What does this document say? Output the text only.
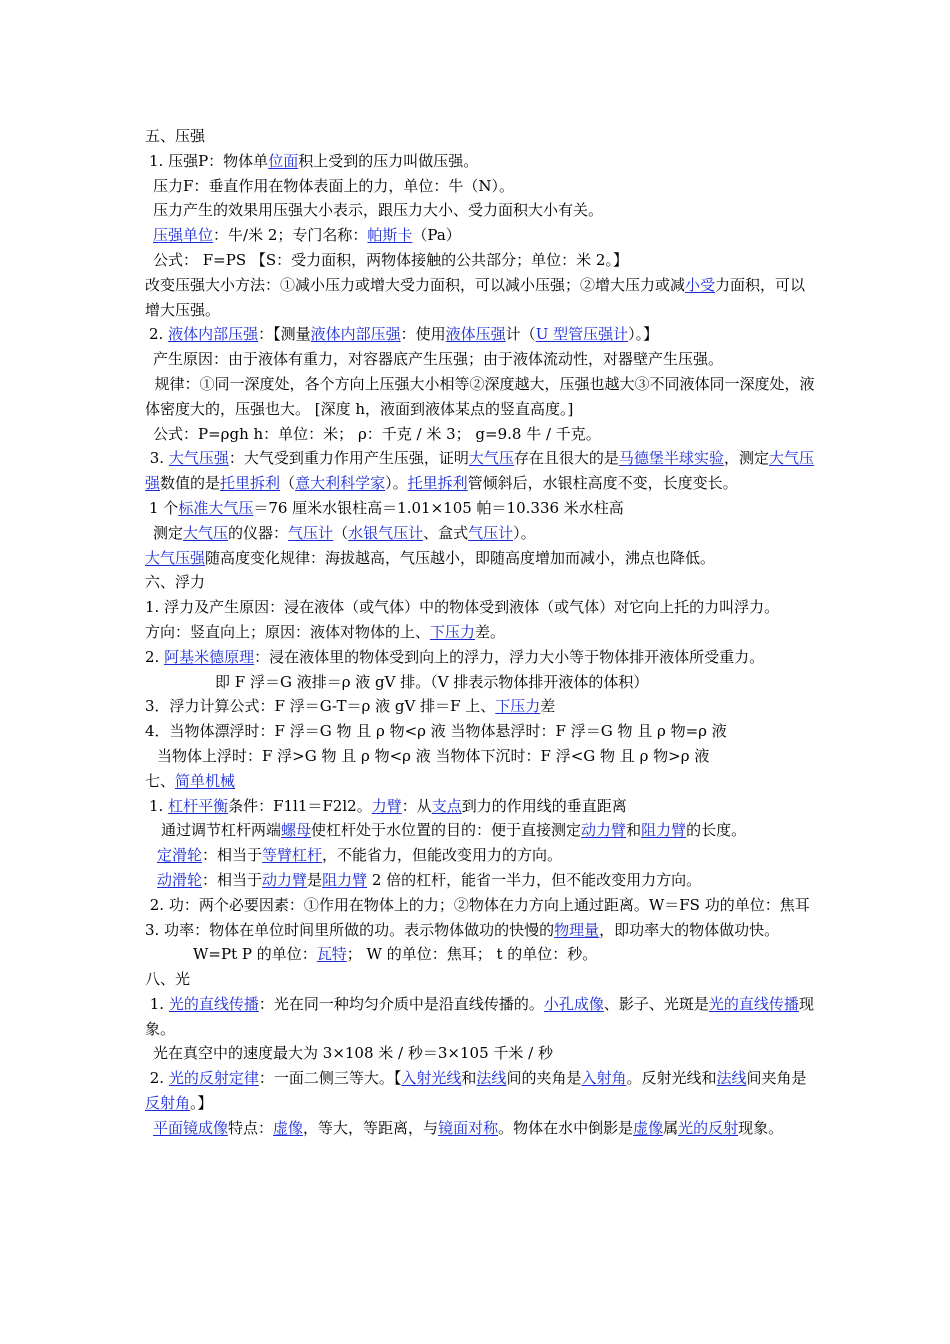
五、压强
1. 压强P：物体单位面积上受到的压力叫做压强。
压力F：垂直作用在物体表面上的力，单位：牛（N）。
压力产生的效果用压强大小表示，跟压力大小、受力面积大小有关。
压强单位：牛/米 2；专门名称：帕斯卡（Pa）
公式： F=PS 【S：受力面积，两物体接触的公共部分；单位：米 2。】
改变压强大小方法：①减小压力或增大受力面积，可以减小压强；②增大压力或减小受力面积，可以增大压强。
2. 液体内部压强：【测量液体内部压强：使用液体压强计（U 型管压强计）。】
产生原因：由于液体有重力，对容器底产生压强；由于液体流动性，对器壁产生压强。
规律：①同一深度处，各个方向上压强大小相等②深度越大，压强也越大③不同液体同一深度处，液体密度大的，压强也大。 [深度 h，液面到液体某点的竖直高度。]
公式：P=ρgh h：单位：米； ρ：千克 / 米 3； g=9.8 牛 / 千克。
3. 大气压强：大气受到重力作用产生压强，证明大气压存在且很大的是马德堡半球实验，测定大气压强数值的是托里拆利（意大利科学家）。托里拆利管倾斜后，水银柱高度不变，长度变长。
1 个标准大气压＝76 厘米水银柱高＝1.01×105 帕＝10.336 米水柱高
测定大气压的仪器：气压计（水银气压计、盒式气压计）。
大气压强随高度变化规律：海拔越高，气压越小，即随高度增加而减小，沸点也降低。
六、浮力
1. 浮力及产生原因：浸在液体（或气体）中的物体受到液体（或气体）对它向上托的力叫浮力。
方向：竖直向上；原因：液体对物体的上、下压力差。
2. 阿基米德原理：浸在液体里的物体受到向上的浮力，浮力大小等于物体排开液体所受重力。
即 F 浮＝G 液排＝ρ 液 gV 排。（V 排表示物体排开液体的体积）
3．浮力计算公式：F 浮＝G-T＝ρ 液 gV 排＝F 上、下压力差
4．当物体漂浮时：F 浮＝G 物 且 ρ 物<ρ 液 当物体悬浮时：F 浮＝G 物 且 ρ 物=ρ 液
当物体上浮时：F 浮>G 物 且 ρ 物<ρ 液 当物体下沉时：F 浮<G 物 且 ρ 物>ρ 液
七、简单机械
1. 杠杆平衡条件：F1l1＝F2l2。力臂：从支点到力的作用线的垂直距离
通过调节杠杆两端螺母使杠杆处于水位置的目的：便于直接测定动力臂和阻力臂的长度。
定滑轮：相当于等臂杠杆，不能省力，但能改变用力的方向。
动滑轮：相当于动力臂是阻力臂 2 倍的杠杆，能省一半力，但不能改变用力方向。
2. 功：两个必要因素：①作用在物体上的力；②物体在力方向上通过距离。W＝FS 功的单位：焦耳
3. 功率：物体在单位时间里所做的功。表示物体做功的快慢的物理量，即功率大的物体做功快。
W=Pt P 的单位：瓦特； W 的单位：焦耳； t 的单位：秒。
八、光
1. 光的直线传播：光在同一种均匀介质中是沿直线传播的。小孔成像、影子、光斑是光的直线传播现象。
光在真空中的速度最大为 3×108 米 / 秒＝3×105 千米 / 秒
2. 光的反射定律：一面二侧三等大。【入射光线和法线间的夹角是入射角。反射光线和法线间夹角是反射角。】
平面镜成像特点：虚像，等大，等距离，与镜面对称。物体在水中倒影是虚像属光的反射现象。
